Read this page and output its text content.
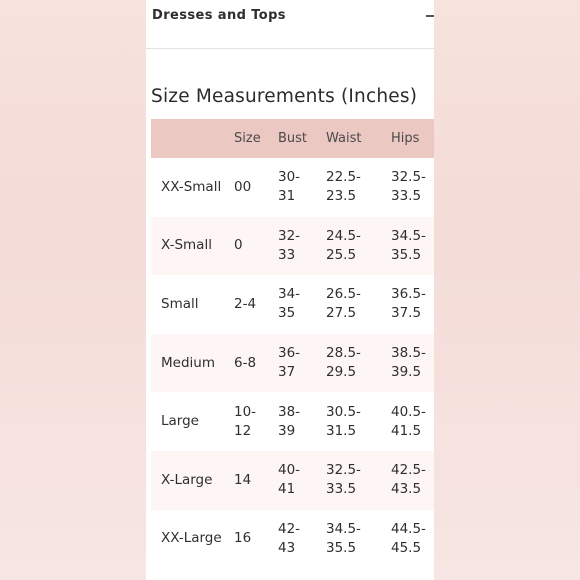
Dresses and Tops
Size Measurements (Inches)
	Size	Bust	Waist	Hips
XX-Small	00	30-31	22.5-23.5	32.5-33.5
X-Small	0	32-33	24.5-25.5	34.5-35.5
Small	2-4	34-35	26.5-27.5	36.5-37.5
Medium	6-8	36-37	28.5-29.5	38.5-39.5
Large	10-12	38-39	30.5-31.5	40.5-41.5
X-Large	14	40-41	32.5-33.5	42.5-43.5
XX-Large	16	42-43	34.5-35.5	44.5-45.5
